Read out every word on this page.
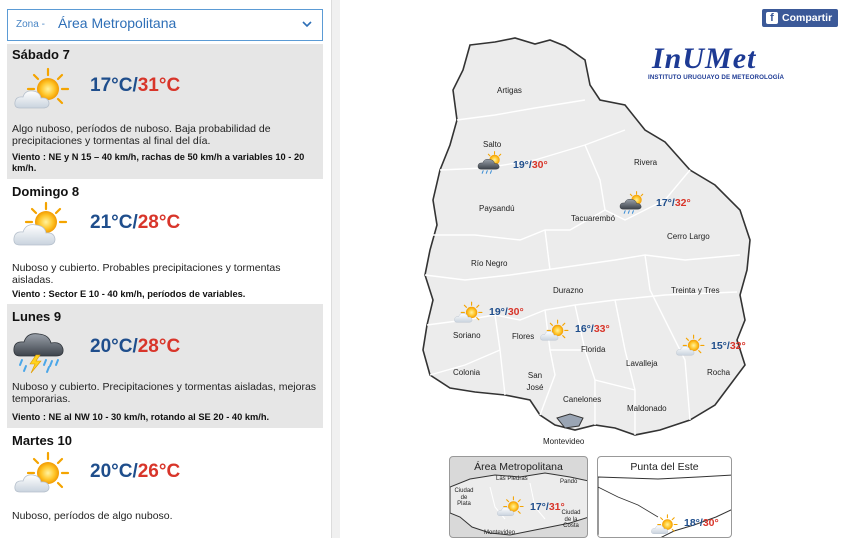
Zona - Área Metropolitana
Sábado 7
17°C/31°C
Algo nuboso, períodos de nuboso. Baja probabilidad de precipitaciones y tormentas al final del día.
Viento : NE y N 15 – 40 km/h, rachas de 50 km/h a variables 10 - 20 km/h.
Domingo 8
21°C/28°C
Nuboso y cubierto. Probables precipitaciones y tormentas aisladas.
Viento : Sector E 10 - 40 km/h, períodos de variables.
Lunes 9
20°C/28°C
Nuboso y cubierto. Precipitaciones y tormentas aisladas, mejoras temporarias.
Viento : NE al NW 10 - 30 km/h, rotando al SE 20 - 40 km/h.
Martes 10
20°C/26°C
Nuboso, períodos de algo nuboso.
f Compartir
InUMet
INSTITUTO URUGUAYO DE METEOROLOGÍA
Artigas
Salto
Rivera
Paysandú
Tacuarembó
Cerro Largo
Río Negro
Durazno	Treinta y Tres
Soriano	Flores
Florida
Lavalleja
Rocha
Colonia	San José
Canelones
Maldonado
Montevideo
19°/30°
17°/32°
19°/30°
16°/33°
15°/32°
Área Metropolitana
Las Piedras	Pando
Ciudad de Plata
Ciudad de la Costa
Montevideo
17°/31°
Punta del Este
18°/30°
